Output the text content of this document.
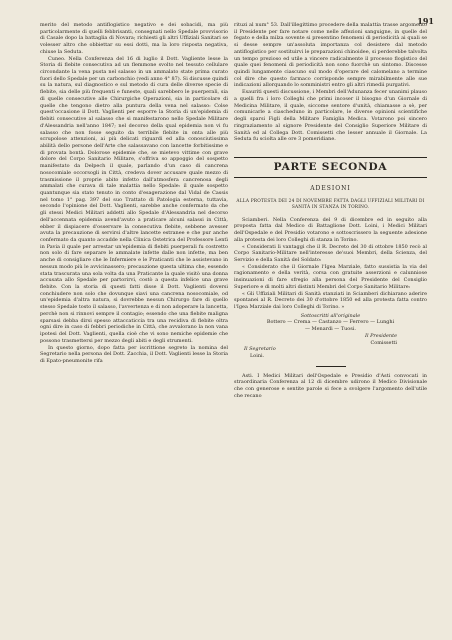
191

merito del metodo antiflogistico negativo e dei sobacidi, ma più particolarmente di quelli febbrisanti, consegnati nello Spedale provvisorio di Casale dopo la battaglia di Novara; richiesti gli altri Uffiziali Sanitari se volesser altro che obbiettar su essi dotti, ma la loro risposta negativa, chiuse la Seduta.

Cuneo. Nella Conferenza del 16 di luglio il Dott. Vagliente lesse la Storia di flebite consecutiva ad un flemmone svolto nel tessuto cellulare circondante la vena pusta nel salasso in un ammalato state prima curato fuori dello Spedale per un carbonchio (vedi anno 4° 87). Si discusse quindi su la natura, sul diagnostico e sul metodo di cura delle diverse specie di flebite, sia delle più frequenti e funeste, quali sarebbero le puerperali, sia di quelle consecutive alle Chirurgiche Operazioni, sia in particolare di quelle che tengono dietro alla puntura della vena nel salasso: Colse quest'occasione il Dott. Vaglienti per esporre la Storia di un'epidemia di flebiti consecutive al salasso che si manifestarono nello Spedale Militare d'Alessandria nell'anno 1847; nel decorso della qual epidemia non vi fu salasso che non fosse seguito da terribile flebite in onta alle più scrupolose attenzioni, ai più delicati riguardi ed alla conosciutissima abilità dello persone dell'Arte che salassavano con lancette forbitissime e di provata bontà. Dolorose epidemie che, se mietevo vittime con grave dolore del Corpo Sanitario Militare, s'offriva so appoggio del sospetto manifestato da Delpech il quale, parlando d'un caso di cancrena nosocomiale occorsogli in Città, credeva dover accusare quale mezzo di trasmissione il proprie abito infetto dall'atmosfera cancrenosa degli ammalati che curava di tale malattia nello Spedale: il quale sospetto quantunque sia stato tenuto in conto d'esagerazione dal Vidal de Cassis nel tomo 1° pag. 397 del suo Trattato di Patologia esterna, tuttavia, secondo l'opinione del Dott. Vaglienti, sarebbe anche confermato da che gli stessi Medici Militari addetti allo Spedale d'Alessandria nel decorso dell'accennata epidemia avend'avuto a praticare alcuni salassi in Città, ebber il dispiacere d'osservare la consecutiva flebite, sebbene avesser avuta la precauzione di servirsi d'altre lancette estranee e che pur anche confermato da quanto accadde nella Clinica Ostetrica del Professore Lentì in Pavia il quale per arrestar un'epidemia di flebiti puerperali fu costretto non solo di fare separare le ammalate infette dalle non infette, ma ben anche di consigliare che le Infermiere e le Praticanti che le assistevano in nessun modo più le avvicinassero; precauzione questa ultima che, essendo stata trascurata una sola volta da una Praticante la quale visitò una donna accusata allo Spedale per partorirvi, costò a questa infelice una grave flebite. Con la storia di questi fatti disse il Dott. Vaglienti doversi conchiudere non solo che dovunque siavi una cancrena nosocomiale, od un'epidemia d'altra natura, si dovrebbe nessun Chirurgo fare di quello stesso Spedale tosto il salasso, l'avvertenza e di non adoperare la lancetta, perchè non si rinnovi sempre il contagio; essendo che una flebite maligna sparsasi debba dirsi spesso attaccaticcia tra una recidiva di flebite oltra ogni dire in caso di febbri periodiche in Città, che avvalorano la non vana ipotesi del Dott. Vaglienti, quella cioè che vi sono nemiche epidemie che possono trasmettersi per mezzo degli abiti e degli strumenti.

In questo giorno, dopo fatta per iscrittione segreto la nomina del Segretario nella persona del Dott. Zacchia, il Dott. Vaglienti lesse la Storia di Epato-pneumonite rifa

rituzi al num° 53. Dall'illegittimo procedere della malattia trasse argomento il Presidente per fare notare come nelle affezioni sanguigne, in quelle del fegato e della milza sovente si presentino fenomeni di periodicità ai quali se si desse sempre un'assoluta importanza col desistere dal metodo antiflogistico per sostituirvi le preparazioni chinoidee, si perderebbe talvolta un tempo prezioso ed utile a vincere radicalmente il processo flogistico del quale quei fenomeni di periodicità non sono fuorchè un sintomo. Discesse quindi lungamente ciascuno sul modo d'operare del calomelano a termine col dire che questo farmaco corrisponde sempre mirabilmente alle sue indicazioni allorquando lo somministri entro gli altri rimedii purgativi.

Esauriti questi discussione, i Membri dell'Adunanza fecer unanimi plauso a quelli fra i loro Colleghi che primi incoser il bisogno d'un Giornale di Medicina Militare, il quale, siccome sentore d'unità, chiamasse a sè, per comunicarle a ciascheduno in particolare, le diverse opinioni scientifiche degli sparsi Figli della Militare Famiglia Medica. Votarono poi sincero ringraziamento al signore Presidente del Consiglio Superiore Militare di Sanità ed al Collega Dott. Comissetti che lesser annuale il Giornale. La Seduta fu sciolta alle ore 3 pomeridiane.

PARTE SECONDA
ADESIONI
ALLA PROTESTA DEI 24 DI NOVEMBRE FATTA DAGLI UFFIZIALI MILITARI DI SANITÀ IN STANZA IN TORINO.

Sciamberi. Nella Conferenza del 9 di dicembre ed in seguito alla proposta fatta dal Medico di Battaglione Dott. Loini, i Medici Militari dell'Ospedale e del Presidio votarono e sottoscrissero la seguente adesione alla protesta dei loro Colleghi di stanza in Torino.

« Considerati li vantaggi che il R. Decreto del 30 di ottobre 1850 recò al Corpo Sanitario-Militare nell'interesse de'suoi Membri, della Scienza, del Servizio e della Sanità del Soldato:

« Considerato che il Giornale l'Igea Marziale, fatto sussistia la via del ragionamento e della verità, corsa con gratuite asserzioni e calunniose insinuazioni di fare sfregio alla persona del Presidente del Consiglio Superiore e di molti altri distinti Membri del Corpo Sanitario Militare:

« Gli Uffiziali Militari di Sanità stanziati in Sciamberi dichiarano aderire spontanei al R. Decreto dei 30 d'ottobre 1850 ed alla protesta fatta contro l'Igea Marziale dai loro Colleghi di Torino. »

Sottoscritti all'originale
Bottero — Crema — Castanzo — Ferrero — Lunghi
— Menardi — Tuosi.
Il Presidente
Comissetti
Il Segretario
Loini.

Asti. I Medici Militari dell'Ospedale e Presidio d'Asti convocati in straordinaria Conferenza al 12 di dicembre udirono il Medico Divisionale che con generose e sentite parole si fece a svolgere l'argomento dell'utile che recano
